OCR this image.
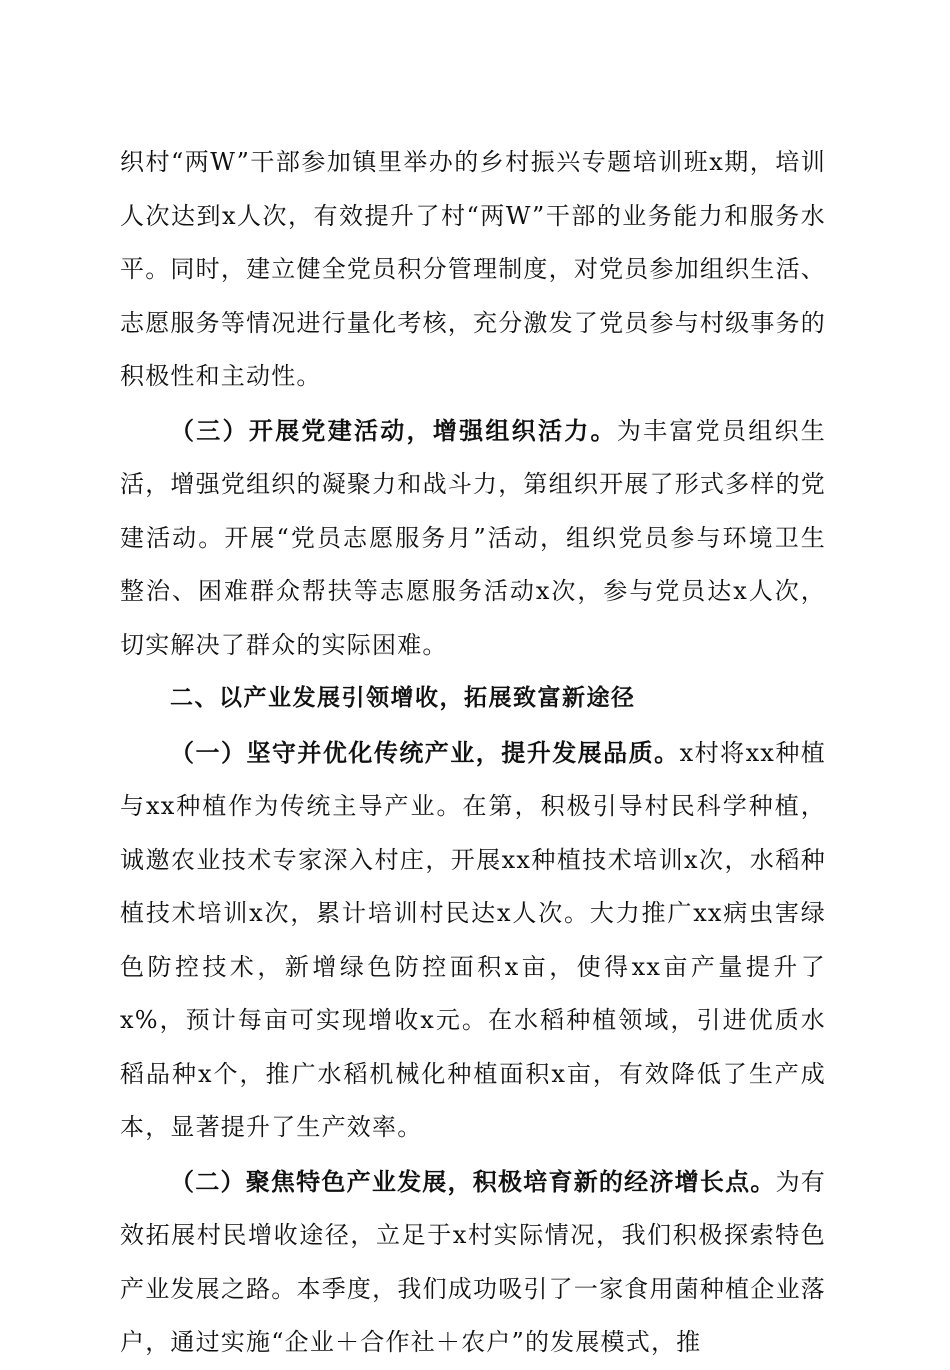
织村“两W”干部参加镇里举办的乡村振兴专题培训班x期，培训人次达到x人次，有效提升了村“两W”干部的业务能力和服务水平。同时，建立健全党员积分管理制度，对党员参加组织生活、志愿服务等情况进行量化考核，充分激发了党员参与村级事务的积极性和主动性。

（三）开展党建活动，增强组织活力。为丰富党员组织生活，增强党组织的凝聚力和战斗力，第组织开展了形式多样的党建活动。开展“党员志愿服务月”活动，组织党员参与环境卫生整治、困难群众帮扶等志愿服务活动x次，参与党员达x人次，切实解决了群众的实际困难。

二、以产业发展引领增收，拓展致富新途径

（一）坚守并优化传统产业，提升发展品质。x村将xx种植与xx种植作为传统主导产业。在第，积极引导村民科学种植，诚邀农业技术专家深入村庄，开展xx种植技术培训x次，水稻种植技术培训x次，累计培训村民达x人次。大力推广xx病虫害绿色防控技术，新增绿色防控面积x亩，使得xx亩产量提升了x%，预计每亩可实现增收x元。在水稻种植领域，引进优质水稻品种x个，推广水稻机械化种植面积x亩，有效降低了生产成本，显著提升了生产效率。

（二）聚焦特色产业发展，积极培育新的经济增长点。为有效拓展村民增收途径，立足于x村实际情况，我们积极探索特色产业发展之路。本季度，我们成功吸引了一家食用菌种植企业落户，通过实施“企业＋合作社＋农户”的发展模式，推
